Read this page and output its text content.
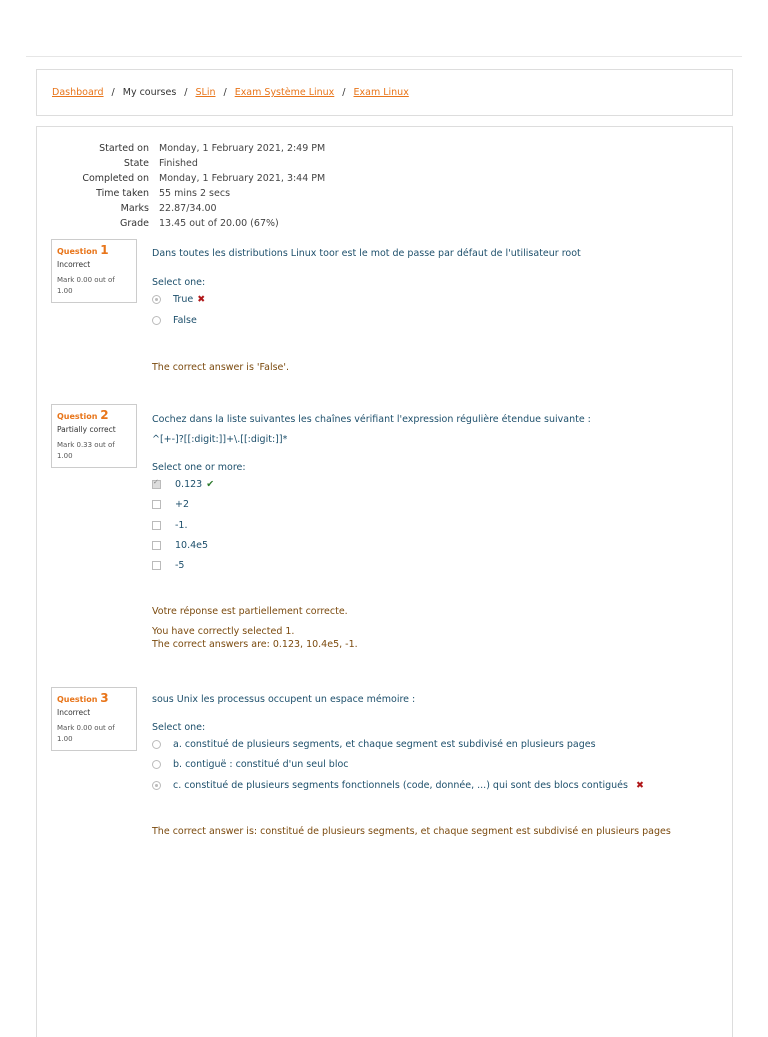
Dashboard / My courses / SLin / Exam Système Linux / Exam Linux
Started on	Monday, 1 February 2021, 2:49 PM
State	Finished
Completed on	Monday, 1 February 2021, 3:44 PM
Time taken	55 mins 2 secs
Marks	22.87/34.00
Grade	13.45 out of 20.00 (67%)
Question 1
Incorrect
Mark 0.00 out of 1.00
Dans toutes les distributions Linux toor est le mot de passe par défaut de l'utilisateur root
Select one:
True ✖
False
The correct answer is 'False'.
Question 2
Partially correct
Mark 0.33 out of 1.00
Cochez dans la liste suivantes les chaînes vérifiant l'expression régulière étendue suivante :
^[+-]?[[:digit:]]+\.[[:digit:]]*
Select one or more:
✓0.123 ✔
+2
-1.
10.4e5
-5
Votre réponse est partiellement correcte.
You have correctly selected 1.
The correct answers are: 0.123, 10.4e5, -1.
Question 3
Incorrect
Mark 0.00 out of 1.00
sous Unix les processus occupent un espace mémoire :
Select one:
a. constitué de plusieurs segments, et chaque segment est subdivisé en plusieurs pages
b. contiguë : constitué d'un seul bloc
c. constitué de plusieurs segments fonctionnels (code, donnée, ...) qui sont des blocs contigués ✖
The correct answer is: constitué de plusieurs segments, et chaque segment est subdivisé en plusieurs pages
